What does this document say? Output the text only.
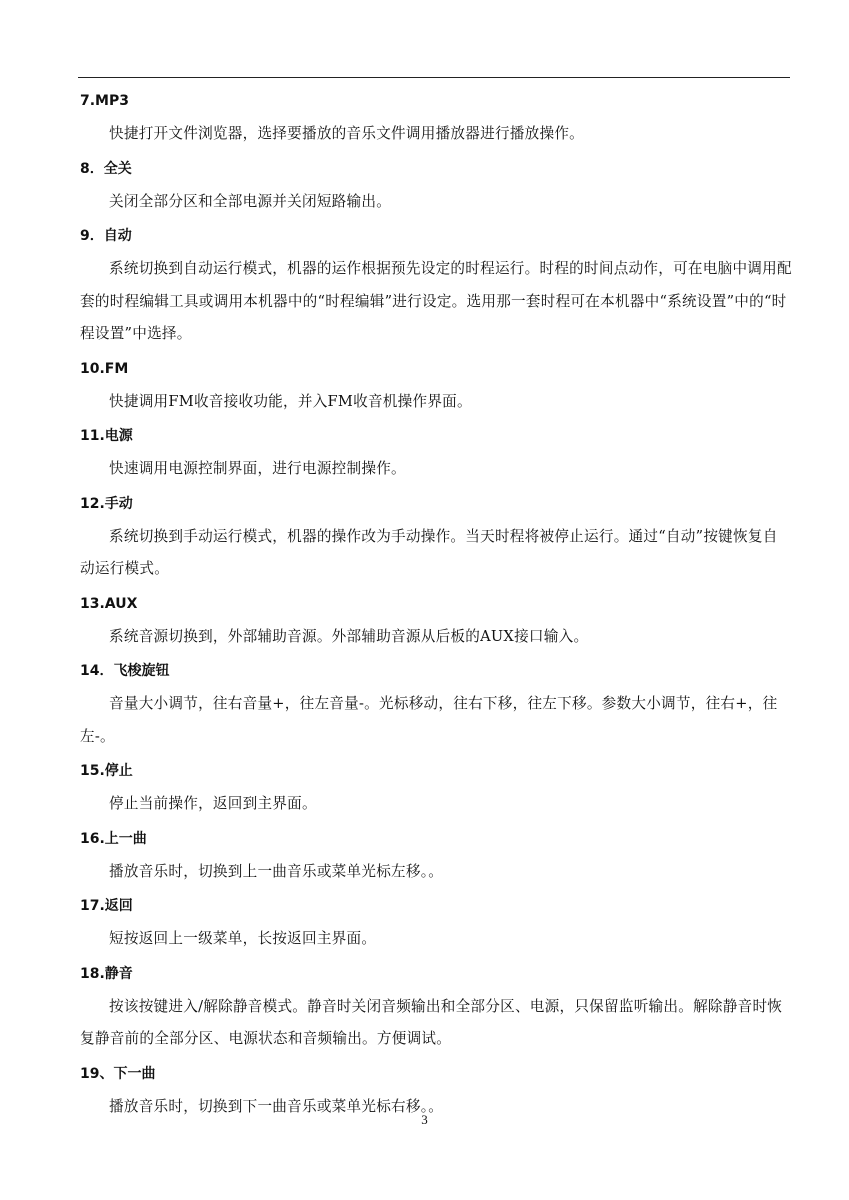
7.MP3

快捷打开文件浏览器，选择要播放的音乐文件调用播放器进行播放操作。

8．全关

关闭全部分区和全部电源并关闭短路输出。

9．自动

系统切换到自动运行模式，机器的运作根据预先设定的时程运行。时程的时间点动作，可在电脑中调用配套的时程编辑工具或调用本机器中的“时程编辑”进行设定。选用那一套时程可在本机器中“系统设置”中的“时程设置”中选择。

10.FM

快捷调用FM收音接收功能，并入FM收音机操作界面。

11.电源

快速调用电源控制界面，进行电源控制操作。

12.手动

系统切换到手动运行模式，机器的操作改为手动操作。当天时程将被停止运行。通过“自动”按键恢复自动运行模式。

13.AUX

系统音源切换到，外部辅助音源。外部辅助音源从后板的AUX接口输入。

14．飞梭旋钮

音量大小调节，往右音量+，往左音量-。光标移动，往右下移，往左下移。参数大小调节，往右+，往左-。

15.停止

停止当前操作，返回到主界面。

16.上一曲

播放音乐时，切换到上一曲音乐或菜单光标左移。。

17.返回

短按返回上一级菜单，长按返回主界面。

18.静音

按该按键进入/解除静音模式。静音时关闭音频输出和全部分区、电源，只保留监听输出。解除静音时恢复静音前的全部分区、电源状态和音频输出。方便调试。

19、下一曲

播放音乐时，切换到下一曲音乐或菜单光标右移。。

3
